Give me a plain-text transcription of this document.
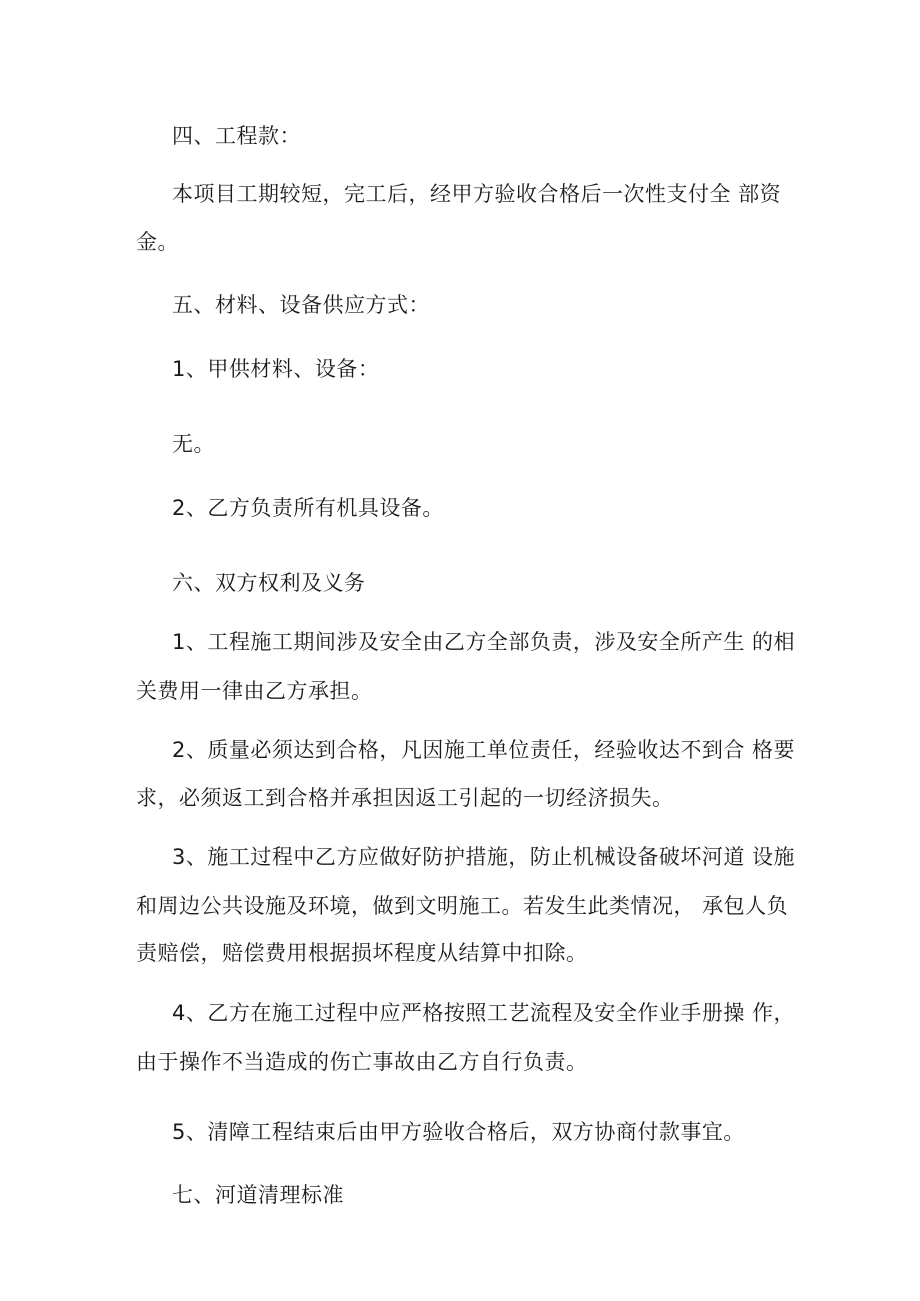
四、工程款：
本项目工期较短，完工后，经甲方验收合格后一次性支付全 部资
金。
五、材料、设备供应方式：
1、甲供材料、设备：
无。
2、乙方负责所有机具设备。
六、双方权利及义务
1、工程施工期间涉及安全由乙方全部负责，涉及安全所产生 的相
关费用一律由乙方承担。
2、质量必须达到合格，凡因施工单位责任，经验收达不到合 格要
求，必须返工到合格并承担因返工引起的一切经济损失。
3、施工过程中乙方应做好防护措施，防止机械设备破坏河道 设施
和周边公共设施及环境，做到文明施工。若发生此类情况， 承包人负
责赔偿，赔偿费用根据损坏程度从结算中扣除。
4、乙方在施工过程中应严格按照工艺流程及安全作业手册操 作，
由于操作不当造成的伤亡事故由乙方自行负责。
5、清障工程结束后由甲方验收合格后，双方协商付款事宜。
七、河道清理标准
